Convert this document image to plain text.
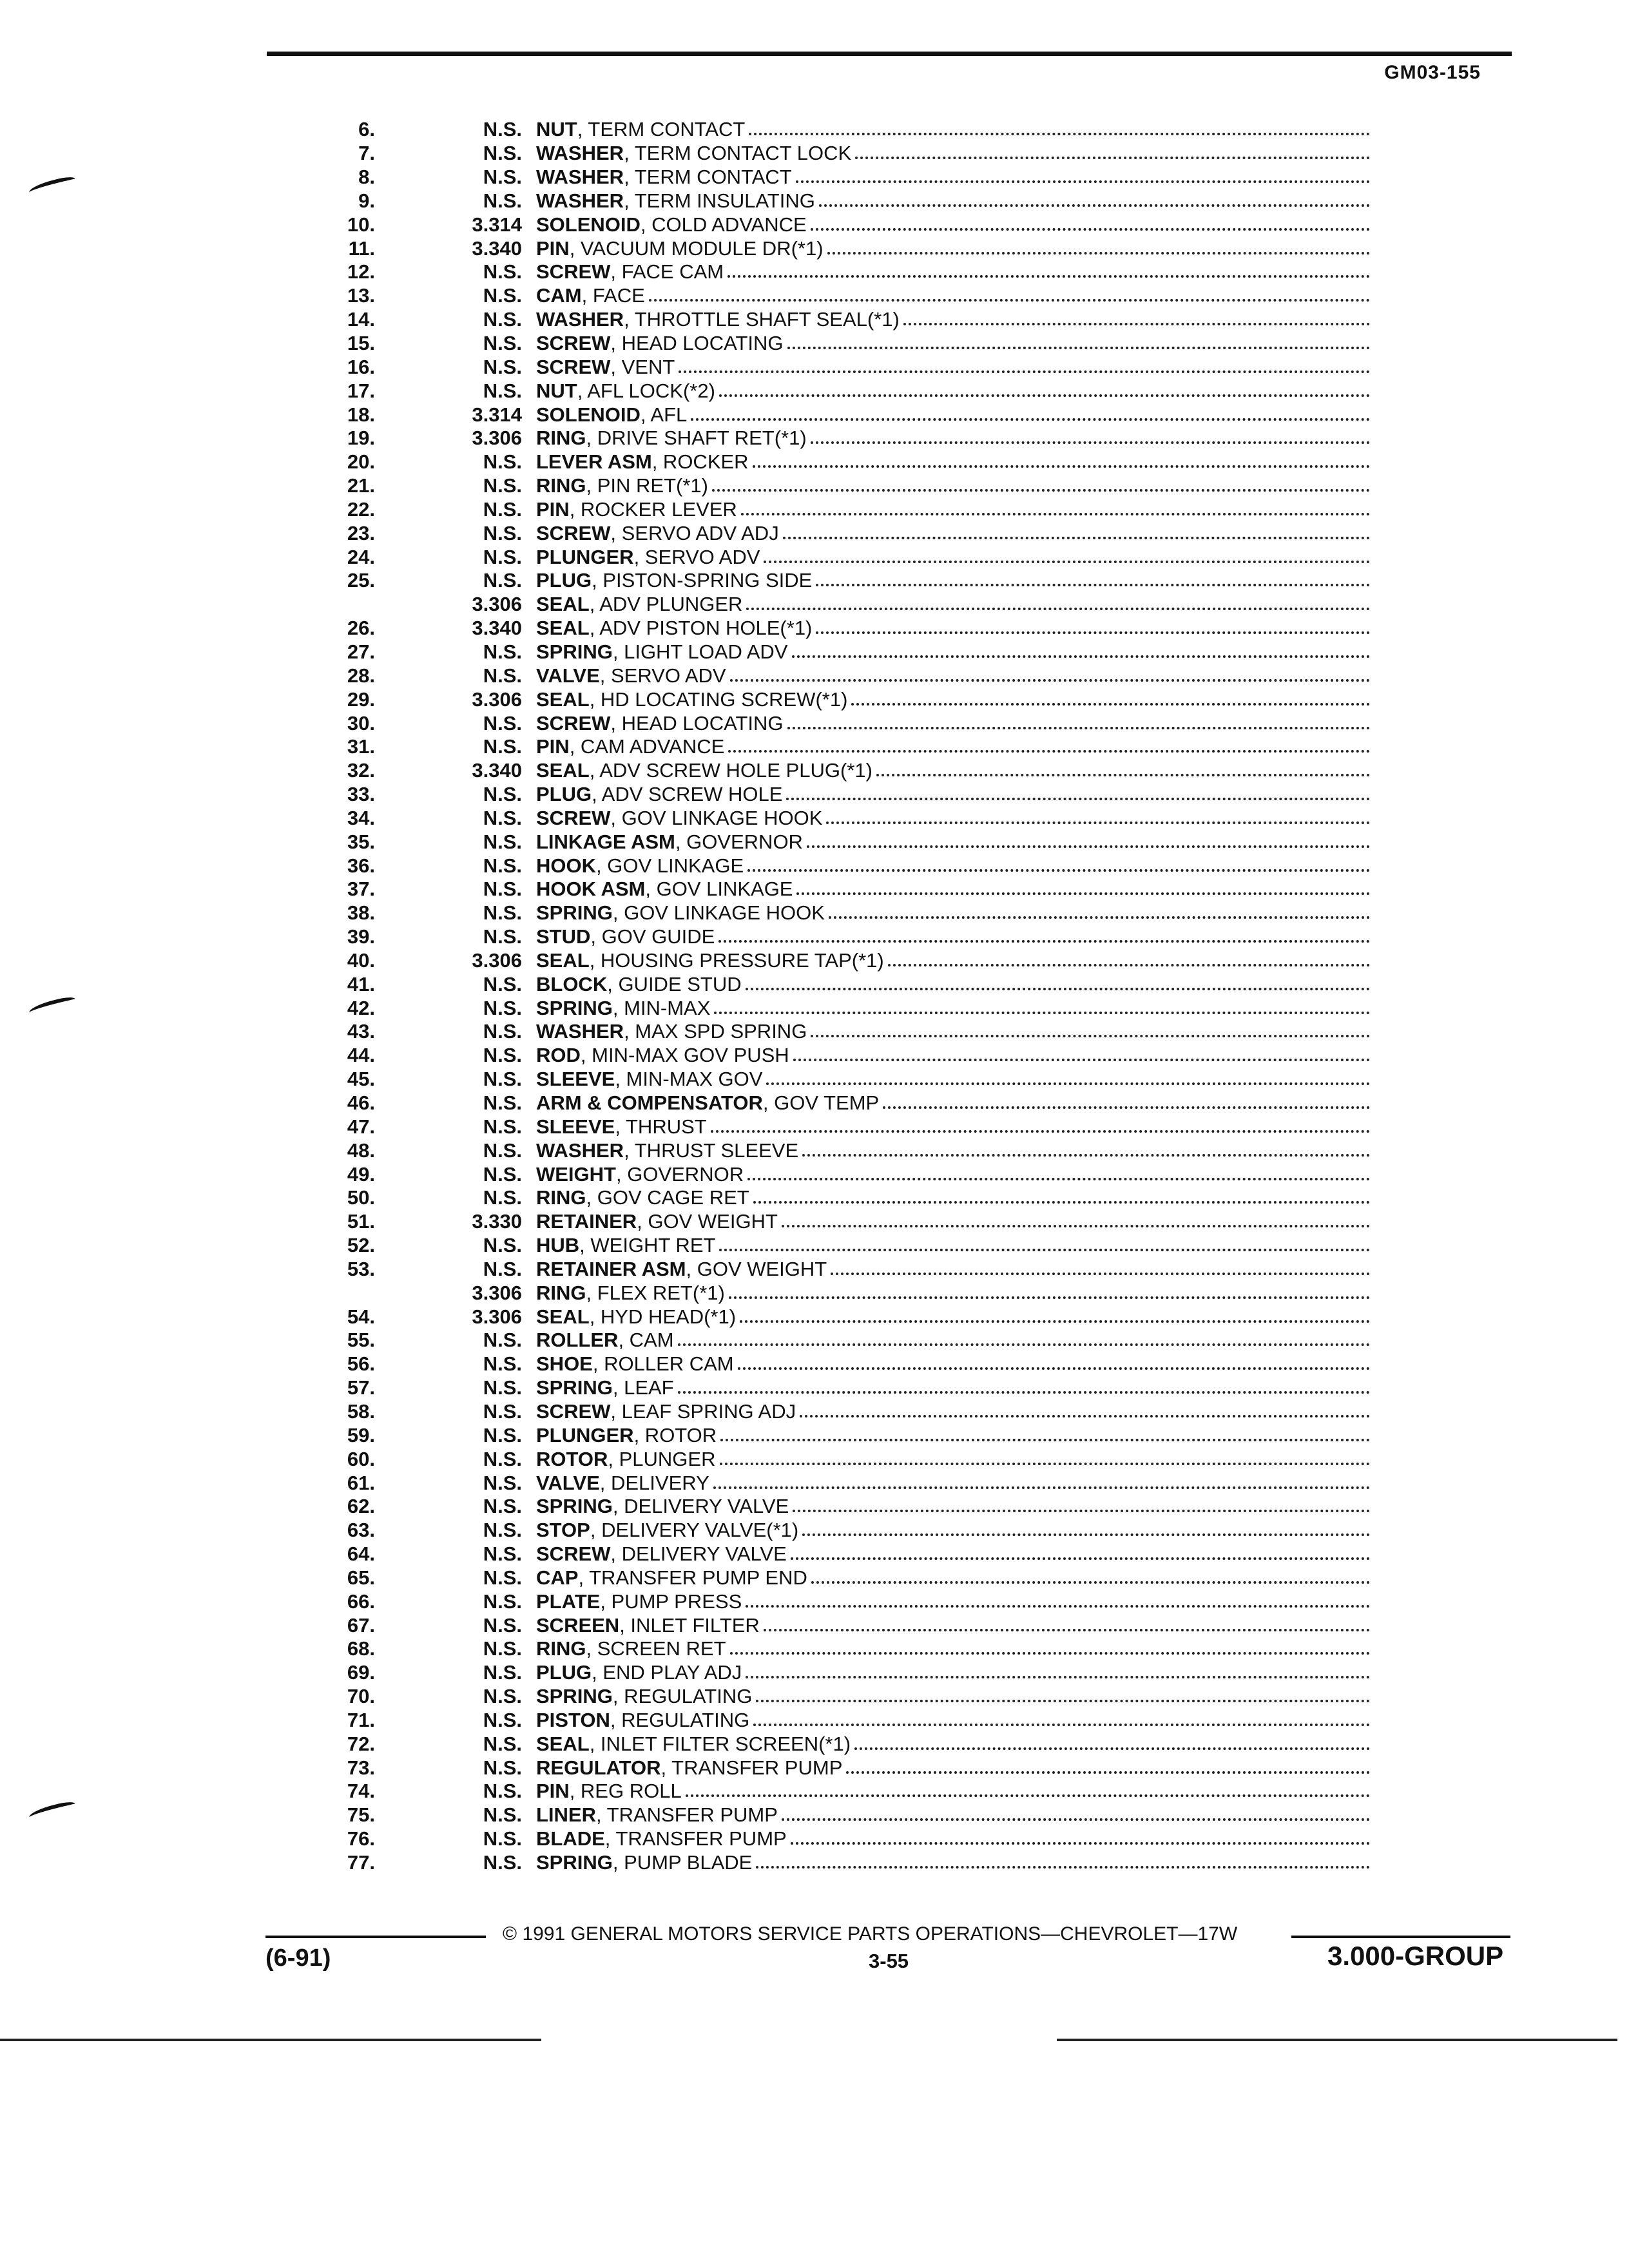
GM03-155
6.	N.S. NUT , TERM CONTACT
7.	N.S. WASHER , TERM CONTACT LOCK
8.	N.S. WASHER , TERM CONTACT
9.	N.S. WASHER , TERM INSULATING
10.	3.314 SOLENOID , COLD ADVANCE
11.	3.340 PIN , VACUUM MODULE DR(*1)
12.	N.S. SCREW , FACE CAM
13.	N.S. CAM , FACE
14.	N.S. WASHER , THROTTLE SHAFT SEAL(*1)
15.	N.S. SCREW , HEAD LOCATING
16.	N.S. SCREW , VENT
17.	N.S. NUT , AFL LOCK(*2)
18.	3.314 SOLENOID , AFL
19.	3.306 RING , DRIVE SHAFT RET(*1)
20.	N.S. LEVER ASM , ROCKER
21.	N.S. RING , PIN RET(*1)
22.	N.S. PIN , ROCKER LEVER
23.	N.S. SCREW , SERVO ADV ADJ
24.	N.S. PLUNGER , SERVO ADV
25.	N.S. PLUG , PISTON-SPRING SIDE
3.306 SEAL , ADV PLUNGER
26.	3.340 SEAL , ADV PISTON HOLE(*1)
27.	N.S. SPRING , LIGHT LOAD ADV
28.	N.S. VALVE , SERVO ADV
29.	3.306 SEAL , HD LOCATING SCREW(*1)
30.	N.S. SCREW , HEAD LOCATING
31.	N.S. PIN , CAM ADVANCE
32.	3.340 SEAL , ADV SCREW HOLE PLUG(*1)
33.	N.S. PLUG , ADV SCREW HOLE
34.	N.S. SCREW , GOV LINKAGE HOOK
35.	N.S. LINKAGE ASM , GOVERNOR
36.	N.S. HOOK , GOV LINKAGE
37.	N.S. HOOK ASM , GOV LINKAGE
38.	N.S. SPRING , GOV LINKAGE HOOK
39.	N.S. STUD , GOV GUIDE
40.	3.306 SEAL , HOUSING PRESSURE TAP(*1)
41.	N.S. BLOCK , GUIDE STUD
42.	N.S. SPRING , MIN-MAX
43.	N.S. WASHER , MAX SPD SPRING
44.	N.S. ROD , MIN-MAX GOV PUSH
45.	N.S. SLEEVE , MIN-MAX GOV
46.	N.S. ARM & COMPENSATOR , GOV TEMP
47.	N.S. SLEEVE , THRUST
48.	N.S. WASHER , THRUST SLEEVE
49.	N.S. WEIGHT , GOVERNOR
50.	N.S. RING , GOV CAGE RET
51.	3.330 RETAINER , GOV WEIGHT
52.	N.S. HUB , WEIGHT RET
53.	N.S. RETAINER ASM , GOV WEIGHT
3.306 RING , FLEX RET(*1)
54.	3.306 SEAL , HYD HEAD(*1)
55.	N.S. ROLLER , CAM
56.	N.S. SHOE , ROLLER CAM
57.	N.S. SPRING , LEAF
58.	N.S. SCREW , LEAF SPRING ADJ
59.	N.S. PLUNGER , ROTOR
60.	N.S. ROTOR , PLUNGER
61.	N.S. VALVE , DELIVERY
62.	N.S. SPRING , DELIVERY VALVE
63.	N.S. STOP , DELIVERY VALVE(*1)
64.	N.S. SCREW , DELIVERY VALVE
65.	N.S. CAP , TRANSFER PUMP END
66.	N.S. PLATE , PUMP PRESS
67.	N.S. SCREEN , INLET FILTER
68.	N.S. RING , SCREEN RET
69.	N.S. PLUG , END PLAY ADJ
70.	N.S. SPRING , REGULATING
71.	N.S. PISTON , REGULATING
72.	N.S. SEAL , INLET FILTER SCREEN(*1)
73.	N.S. REGULATOR , TRANSFER PUMP
74.	N.S. PIN , REG ROLL
75.	N.S. LINER , TRANSFER PUMP
76.	N.S. BLADE , TRANSFER PUMP
77.	N.S. SPRING , PUMP BLADE
© 1991 GENERAL MOTORS SERVICE PARTS OPERATIONS—CHEVROLET—17W
(6-91)	3-55	3.000-GROUP
